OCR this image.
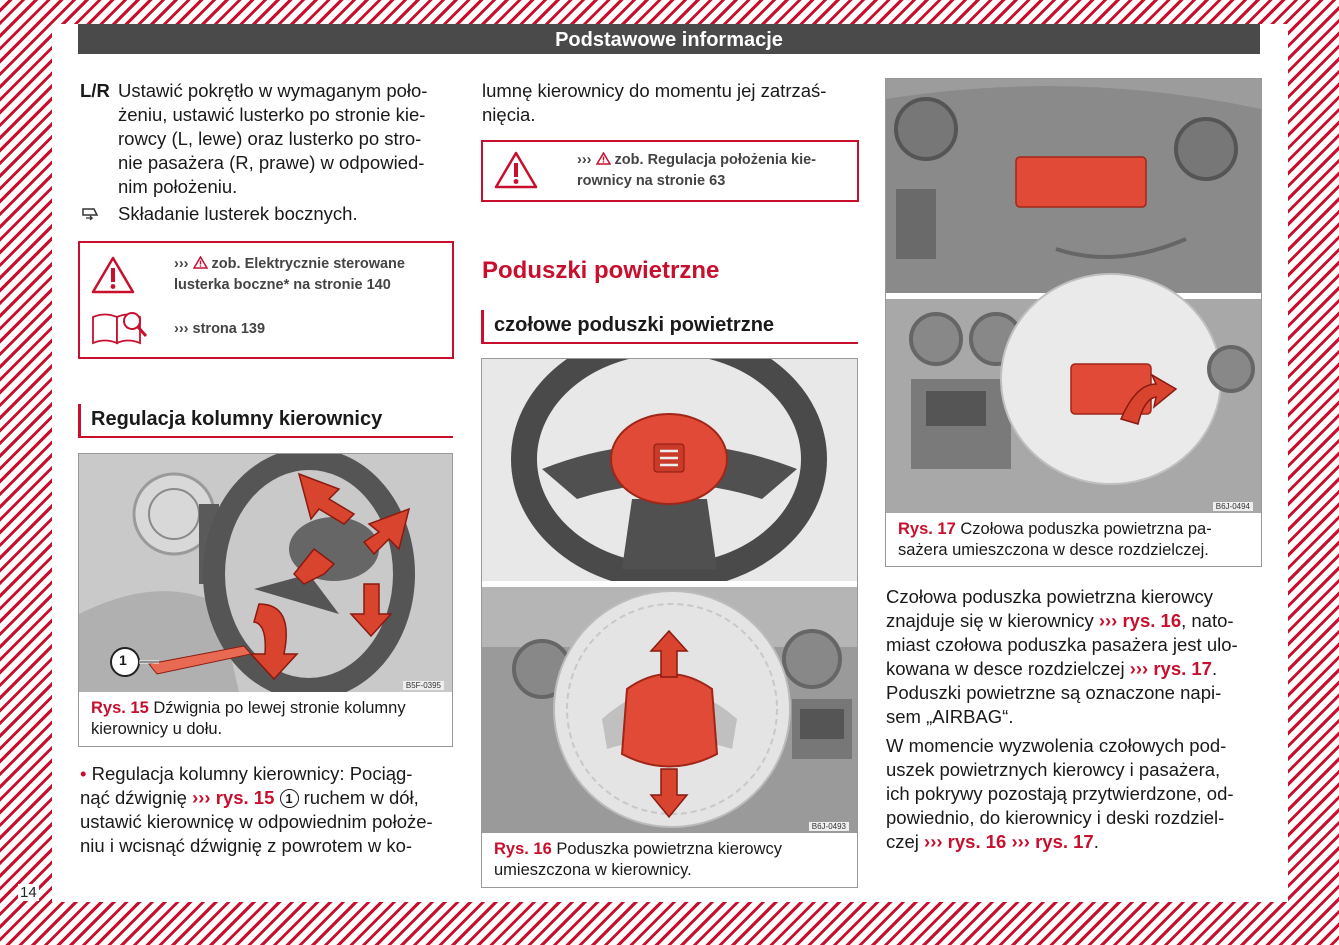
Podstawowe informacje
L/R Ustawić pokrętło w wymaganym poło-
żeniu, ustawić lusterko po stronie kie-
rowcy (L, lewe) oraz lusterko po stro-
nie pasażera (R, prawe) w odpowied-
nim położeniu.
Składanie lusterek bocznych.
›››  zob. Elektrycznie sterowane
lusterka boczne* na stronie 140
››› strona 139
Regulacja kolumny kierownicy
1
B5F-0395
Rys. 15 Dźwignia po lewej stronie kolumny
kierownicy u dołu.
• Regulacja kolumny kierownicy: Pociąg-
nąć dźwignię ››› rys. 15 1 ruchem w dół,
ustawić kierownicę w odpowiednim położe-
niu i wcisnąć dźwignię z powrotem w ko-
lumnę kierownicy do momentu jej zatrzaś-
nięcia.
›››  zob. Regulacja położenia kie-
rownicy na stronie 63
Poduszki powietrzne
czołowe poduszki powietrzne
B6J-0493
Rys. 16 Poduszka powietrzna kierowcy
umieszczona w kierownicy.
B6J-0494
Rys. 17 Czołowa poduszka powietrzna pa-
sażera umieszczona w desce rozdzielczej.
Czołowa poduszka powietrzna kierowcy
znajduje się w kierownicy ››› rys. 16, nato-
miast czołowa poduszka pasażera jest ulo-
kowana w desce rozdzielczej ››› rys. 17.
Poduszki powietrzne są oznaczone napi-
sem „AIRBAG“.
W momencie wyzwolenia czołowych pod-
uszek powietrznych kierowcy i pasażera,
ich pokrywy pozostają przytwierdzone, od-
powiednio, do kierownicy i deski rozdziel-
czej ››› rys. 16 ››› rys. 17.
14
